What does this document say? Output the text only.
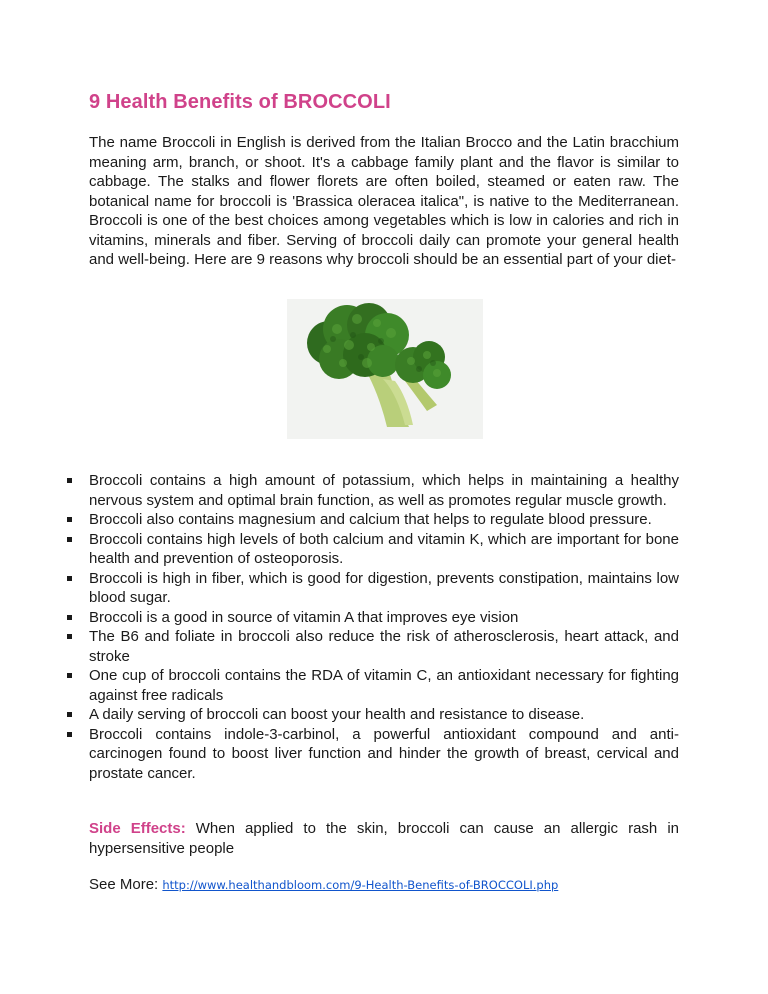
9 Health Benefits of BROCCOLI

The name Broccoli in English is derived from the Italian Brocco and the Latin bracchium meaning arm, branch, or shoot. It's a cabbage family plant and the flavor is similar to cabbage. The stalks and flower florets are often boiled, steamed or eaten raw. The botanical name for broccoli is 'Brassica oleracea italica", is native to the Mediterranean. Broccoli is one of the best choices among vegetables which is low in calories and rich in vitamins, minerals and fiber. Serving of broccoli daily can promote your general health and well-being. Here are 9 reasons why broccoli should be an essential part of your diet-

Broccoli contains a high amount of potassium, which helps in maintaining a healthy nervous system and optimal brain function, as well as promotes regular muscle growth.
Broccoli also contains magnesium and calcium that helps to regulate blood pressure.
Broccoli contains high levels of both calcium and vitamin K, which are important for bone health and prevention of osteoporosis.
Broccoli is high in fiber, which is good for digestion, prevents constipation, maintains low blood sugar.
Broccoli is a good in source of vitamin A that improves eye vision
The B6 and foliate in broccoli also reduce the risk of atherosclerosis, heart attack, and stroke
One cup of broccoli contains the RDA of vitamin C, an antioxidant necessary for fighting against free radicals
A daily serving of broccoli can boost your health and resistance to disease.
Broccoli contains indole-3-carbinol, a powerful antioxidant compound and anti-carcinogen found to boost liver function and hinder the growth of breast, cervical and prostate cancer.

Side Effects: When applied to the skin, broccoli can cause an allergic rash in hypersensitive people

See More: http://www.healthandbloom.com/9-Health-Benefits-of-BROCCOLI.php
